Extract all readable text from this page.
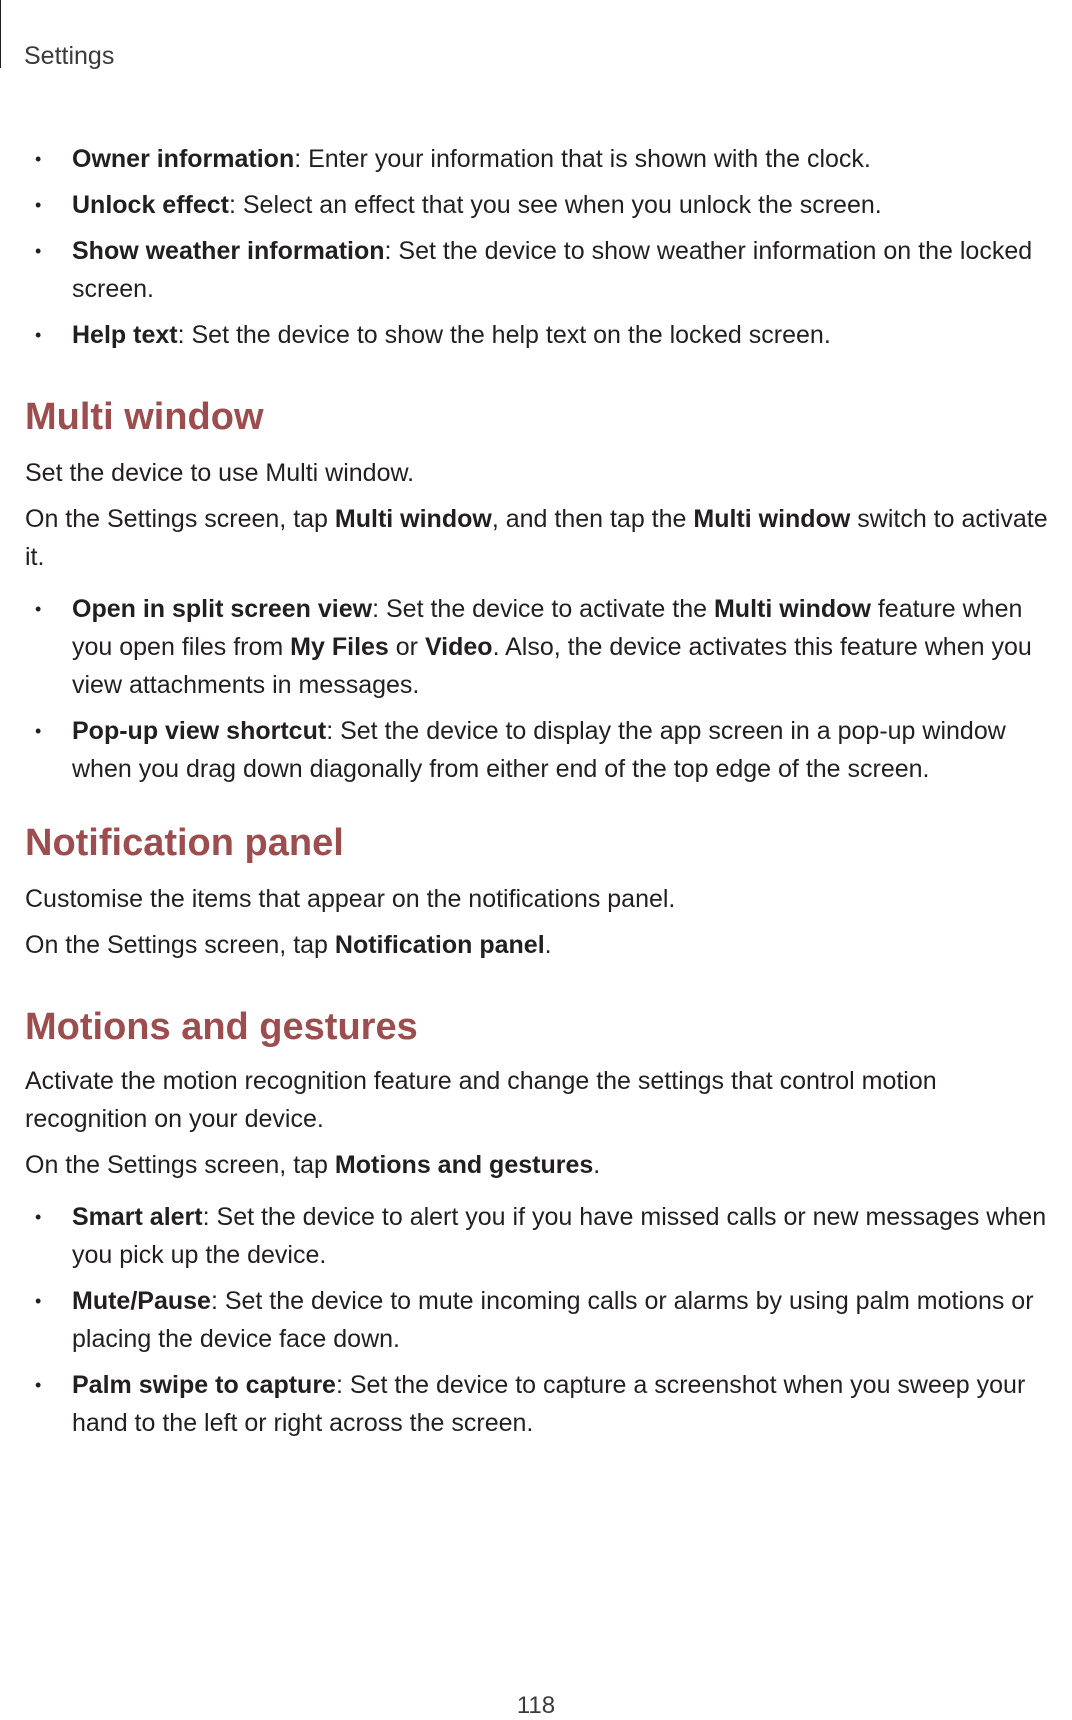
Settings
• Owner information: Enter your information that is shown with the clock.
• Unlock effect: Select an effect that you see when you unlock the screen.
• Show weather information: Set the device to show weather information on the locked screen.
• Help text: Set the device to show the help text on the locked screen.
Multi window

Set the device to use Multi window.

On the Settings screen, tap Multi window, and then tap the Multi window switch to activate it.

• Open in split screen view: Set the device to activate the Multi window feature when you open files from My Files or Video. Also, the device activates this feature when you view attachments in messages.
• Pop-up view shortcut: Set the device to display the app screen in a pop-up window when you drag down diagonally from either end of the top edge of the screen.
Notification panel

Customise the items that appear on the notifications panel.

On the Settings screen, tap Notification panel.

Motions and gestures

Activate the motion recognition feature and change the settings that control motion recognition on your device.

On the Settings screen, tap Motions and gestures.

• Smart alert: Set the device to alert you if you have missed calls or new messages when you pick up the device.
• Mute/Pause: Set the device to mute incoming calls or alarms by using palm motions or placing the device face down.
• Palm swipe to capture: Set the device to capture a screenshot when you sweep your hand to the left or right across the screen.
118
